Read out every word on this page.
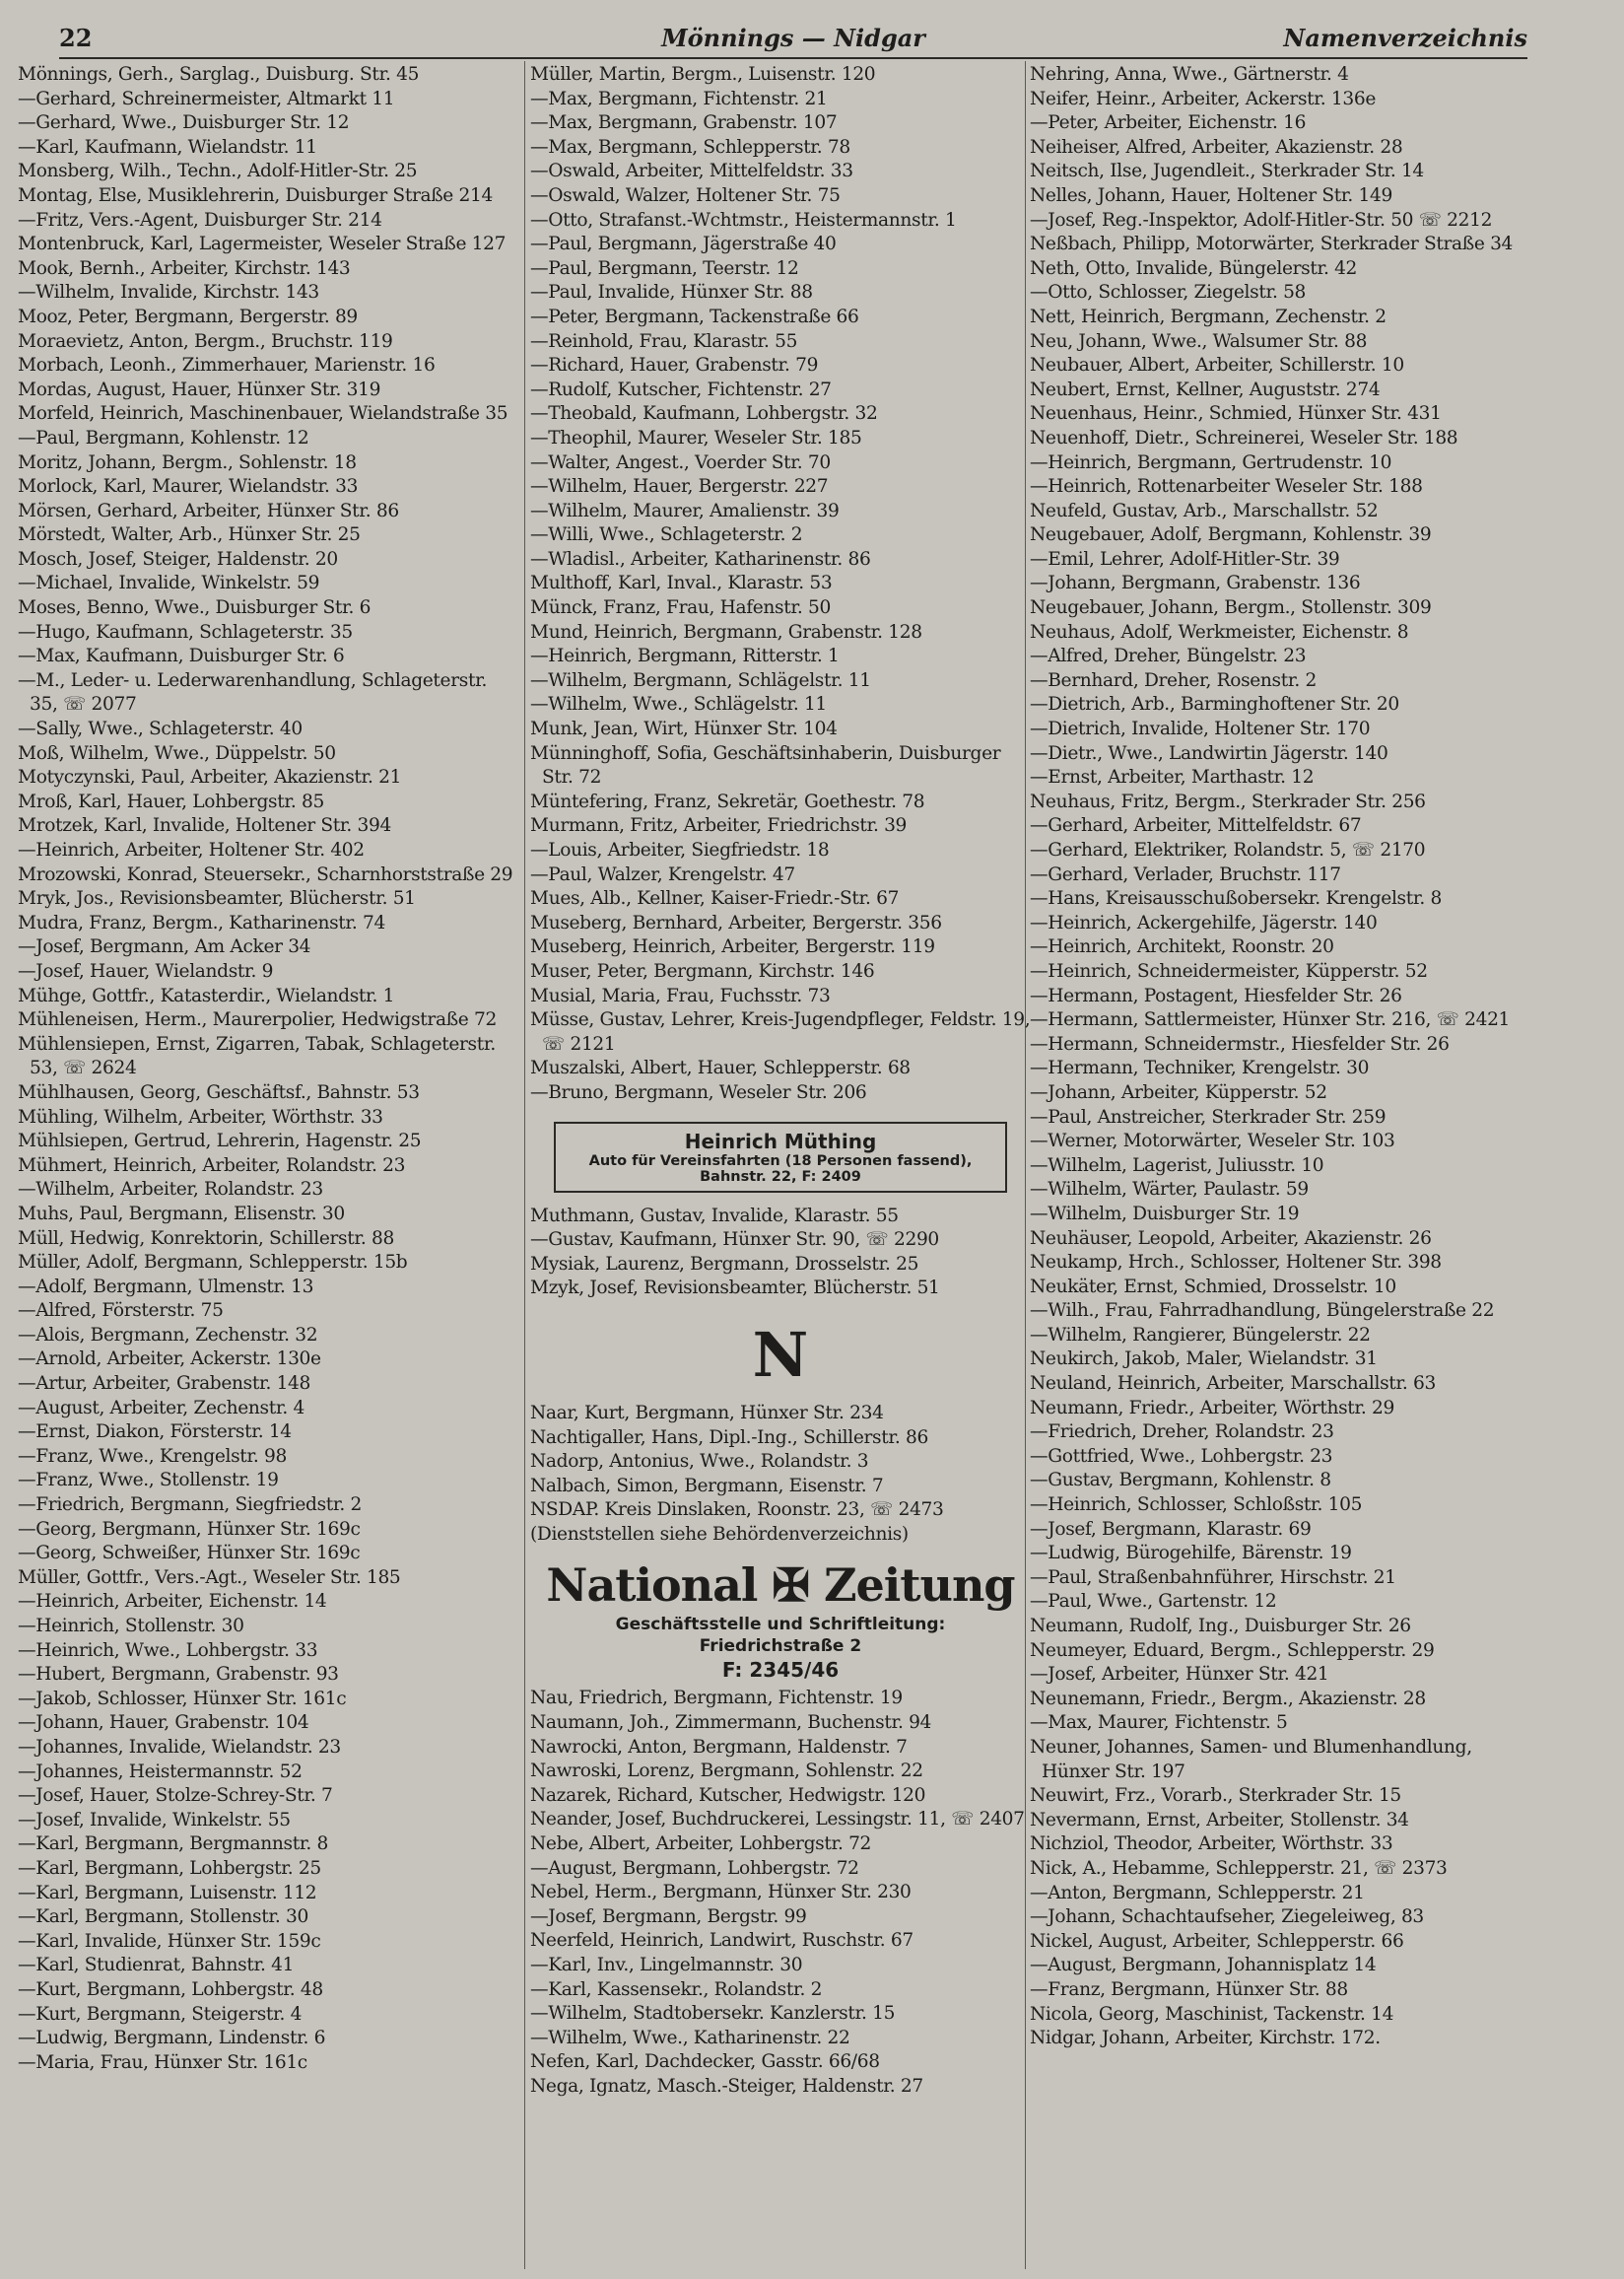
22	Mönnings — Nidgar	Namenverzeichnis
Mönnings, Gerh., Sarglag., Duisburg. Str. 45
—Gerhard, Schreinermeister, Altmarkt 11
—Gerhard, Wwe., Duisburger Str. 12
—Karl, Kaufmann, Wielandstr. 11
Monsberg, Wilh., Techn., Adolf-Hitler-Str. 25
Montag, Else, Musiklehrerin, Duisburger Straße 214
—Fritz, Vers.-Agent, Duisburger Str. 214
Montenbruck, Karl, Lagermeister, Weseler Straße 127
Mook, Bernh., Arbeiter, Kirchstr. 143
—Wilhelm, Invalide, Kirchstr. 143
Mooz, Peter, Bergmann, Bergerstr. 89
Moraevietz, Anton, Bergm., Bruchstr. 119
Morbach, Leonh., Zimmerhauer, Marienstr. 16
Mordas, August, Hauer, Hünxer Str. 319
Morfeld, Heinrich, Maschinenbauer, Wielandstraße 35
—Paul, Bergmann, Kohlenstr. 12
Moritz, Johann, Bergm., Sohlenstr. 18
Morlock, Karl, Maurer, Wielandstr. 33
Mörsen, Gerhard, Arbeiter, Hünxer Str. 86
Mörstedt, Walter, Arb., Hünxer Str. 25
Mosch, Josef, Steiger, Haldenstr. 20
—Michael, Invalide, Winkelstr. 59
Moses, Benno, Wwe., Duisburger Str. 6
—Hugo, Kaufmann, Schlageterstr. 35
—Max, Kaufmann, Duisburger Str. 6
—M., Leder- u. Lederwarenhandlung, Schlageterstr. 35, ☏ 2077
—Sally, Wwe., Schlageterstr. 40
Moß, Wilhelm, Wwe., Düppelstr. 50
Motyczynski, Paul, Arbeiter, Akazienstr. 21
Mroß, Karl, Hauer, Lohbergstr. 85
Mrotzek, Karl, Invalide, Holtener Str. 394
—Heinrich, Arbeiter, Holtener Str. 402
Mrozowski, Konrad, Steuersekr., Scharnhorststraße 29
Mryk, Jos., Revisionsbeamter, Blücherstr. 51
Mudra, Franz, Bergm., Katharinenstr. 74
—Josef, Bergmann, Am Acker 34
—Josef, Hauer, Wielandstr. 9
Mühge, Gottfr., Katasterdir., Wielandstr. 1
Mühleneisen, Herm., Maurerpolier, Hedwigstraße 72
Mühlensiepen, Ernst, Zigarren, Tabak, Schlageterstr. 53, ☏ 2624
Mühlhausen, Georg, Geschäftsf., Bahnstr. 53
Mühling, Wilhelm, Arbeiter, Wörthstr. 33
Mühlsiepen, Gertrud, Lehrerin, Hagenstr. 25
Mühmert, Heinrich, Arbeiter, Rolandstr. 23
—Wilhelm, Arbeiter, Rolandstr. 23
Muhs, Paul, Bergmann, Elisenstr. 30
Müll, Hedwig, Konrektorin, Schillerstr. 88
Müller, Adolf, Bergmann, Schlepperstr. 15b
—Adolf, Bergmann, Ulmenstr. 13
—Alfred, Försterstr. 75
—Alois, Bergmann, Zechenstr. 32
—Arnold, Arbeiter, Ackerstr. 130e
—Artur, Arbeiter, Grabenstr. 148
—August, Arbeiter, Zechenstr. 4
—Ernst, Diakon, Försterstr. 14
—Franz, Wwe., Krengelstr. 98
—Franz, Wwe., Stollenstr. 19
—Friedrich, Bergmann, Siegfriedstr. 2
—Georg, Bergmann, Hünxer Str. 169c
—Georg, Schweißer, Hünxer Str. 169c
Müller, Gottfr., Vers.-Agt., Weseler Str. 185
—Heinrich, Arbeiter, Eichenstr. 14
—Heinrich, Stollenstr. 30
—Heinrich, Wwe., Lohbergstr. 33
—Hubert, Bergmann, Grabenstr. 93
—Jakob, Schlosser, Hünxer Str. 161c
—Johann, Hauer, Grabenstr. 104
—Johannes, Invalide, Wielandstr. 23
—Johannes, Heistermannstr. 52
—Josef, Hauer, Stolze-Schrey-Str. 7
—Josef, Invalide, Winkelstr. 55
—Karl, Bergmann, Bergmannstr. 8
—Karl, Bergmann, Lohbergstr. 25
—Karl, Bergmann, Luisenstr. 112
—Karl, Bergmann, Stollenstr. 30
—Karl, Invalide, Hünxer Str. 159c
—Karl, Studienrat, Bahnstr. 41
—Kurt, Bergmann, Lohbergstr. 48
—Kurt, Bergmann, Steigerstr. 4
—Ludwig, Bergmann, Lindenstr. 6
—Maria, Frau, Hünxer Str. 161c
Müller, Martin, Bergm., Luisenstr. 120
—Max, Bergmann, Fichtenstr. 21
—Max, Bergmann, Grabenstr. 107
—Max, Bergmann, Schlepperstr. 78
—Oswald, Arbeiter, Mittelfeldstr. 33
—Oswald, Walzer, Holtener Str. 75
—Otto, Strafanst.-Wchtmstr., Heistermannstr. 1
—Paul, Bergmann, Jägerstraße 40
—Paul, Bergmann, Teerstr. 12
—Paul, Invalide, Hünxer Str. 88
—Peter, Bergmann, Tackenstraße 66
—Reinhold, Frau, Klarastr. 55
—Richard, Hauer, Grabenstr. 79
—Rudolf, Kutscher, Fichtenstr. 27
—Theobald, Kaufmann, Lohbergstr. 32
—Theophil, Maurer, Weseler Str. 185
—Walter, Angest., Voerder Str. 70
—Wilhelm, Hauer, Bergerstr. 227
—Wilhelm, Maurer, Amalienstr. 39
—Willi, Wwe., Schlageterstr. 2
—Wladisl., Arbeiter, Katharinenstr. 86
Multhoff, Karl, Inval., Klarastr. 53
Münck, Franz, Frau, Hafenstr. 50
Mund, Heinrich, Bergmann, Grabenstr. 128
—Heinrich, Bergmann, Ritterstr. 1
—Wilhelm, Bergmann, Schlägelstr. 11
—Wilhelm, Wwe., Schlägelstr. 11
Munk, Jean, Wirt, Hünxer Str. 104
Münninghoff, Sofia, Geschäftsinhaberin, Duisburger Str. 72
Müntefering, Franz, Sekretär, Goethestr. 78
Murmann, Fritz, Arbeiter, Friedrichstr. 39
—Louis, Arbeiter, Siegfriedstr. 18
—Paul, Walzer, Krengelstr. 47
Mues, Alb., Kellner, Kaiser-Friedr.-Str. 67
Museberg, Bernhard, Arbeiter, Bergerstr. 356
Museberg, Heinrich, Arbeiter, Bergerstr. 119
Muser, Peter, Bergmann, Kirchstr. 146
Musial, Maria, Frau, Fuchsstr. 73
Müsse, Gustav, Lehrer, Kreis-Jugendpfleger, Feldstr. 19, ☏ 2121
Muszalski, Albert, Hauer, Schlepperstr. 68
—Bruno, Bergmann, Weseler Str. 206
Heinrich Müthing
Auto für Vereinsfahrten (18 Personen fassend),
Bahnstr. 22, F: 2409
Muthmann, Gustav, Invalide, Klarastr. 55
—Gustav, Kaufmann, Hünxer Str. 90, ☏ 2290
Mysiak, Laurenz, Bergmann, Drosselstr. 25
Mzyk, Josef, Revisionsbeamter, Blücherstr. 51
N
Naar, Kurt, Bergmann, Hünxer Str. 234
Nachtigaller, Hans, Dipl.-Ing., Schillerstr. 86
Nadorp, Antonius, Wwe., Rolandstr. 3
Nalbach, Simon, Bergmann, Eisenstr. 7
NSDAP. Kreis Dinslaken, Roonstr. 23, ☏ 2473
(Dienststellen siehe Behördenverzeichnis)
National ✠ Zeitung
Geschäftsstelle und Schriftleitung:
Friedrichstraße 2
F: 2345/46
Nau, Friedrich, Bergmann, Fichtenstr. 19
Naumann, Joh., Zimmermann, Buchenstr. 94
Nawrocki, Anton, Bergmann, Haldenstr. 7
Nawroski, Lorenz, Bergmann, Sohlenstr. 22
Nazarek, Richard, Kutscher, Hedwigstr. 120
Neander, Josef, Buchdruckerei, Lessingstr. 11, ☏ 2407
Nebe, Albert, Arbeiter, Lohbergstr. 72
—August, Bergmann, Lohbergstr. 72
Nebel, Herm., Bergmann, Hünxer Str. 230
—Josef, Bergmann, Bergstr. 99
Neerfeld, Heinrich, Landwirt, Ruschstr. 67
—Karl, Inv., Lingelmannstr. 30
—Karl, Kassensekr., Rolandstr. 2
—Wilhelm, Stadtobersekr. Kanzlerstr. 15
—Wilhelm, Wwe., Katharinenstr. 22
Nefen, Karl, Dachdecker, Gasstr. 66/68
Nega, Ignatz, Masch.-Steiger, Haldenstr. 27
Nehring, Anna, Wwe., Gärtnerstr. 4
Neifer, Heinr., Arbeiter, Ackerstr. 136e
—Peter, Arbeiter, Eichenstr. 16
Neiheiser, Alfred, Arbeiter, Akazienstr. 28
Neitsch, Ilse, Jugendleit., Sterkrader Str. 14
Nelles, Johann, Hauer, Holtener Str. 149
—Josef, Reg.-Inspektor, Adolf-Hitler-Str. 50 ☏ 2212
Neßbach, Philipp, Motorwärter, Sterkrader Straße 34
Neth, Otto, Invalide, Büngelerstr. 42
—Otto, Schlosser, Ziegelstr. 58
Nett, Heinrich, Bergmann, Zechenstr. 2
Neu, Johann, Wwe., Walsumer Str. 88
Neubauer, Albert, Arbeiter, Schillerstr. 10
Neubert, Ernst, Kellner, Auguststr. 274
Neuenhaus, Heinr., Schmied, Hünxer Str. 431
Neuenhoff, Dietr., Schreinerei, Weseler Str. 188
—Heinrich, Bergmann, Gertrudenstr. 10
—Heinrich, Rottenarbeiter Weseler Str. 188
Neufeld, Gustav, Arb., Marschallstr. 52
Neugebauer, Adolf, Bergmann, Kohlenstr. 39
—Emil, Lehrer, Adolf-Hitler-Str. 39
—Johann, Bergmann, Grabenstr. 136
Neugebauer, Johann, Bergm., Stollenstr. 309
Neuhaus, Adolf, Werkmeister, Eichenstr. 8
—Alfred, Dreher, Büngelstr. 23
—Bernhard, Dreher, Rosenstr. 2
—Dietrich, Arb., Barminghoftener Str. 20
—Dietrich, Invalide, Holtener Str. 170
—Dietr., Wwe., Landwirtin Jägerstr. 140
—Ernst, Arbeiter, Marthastr. 12
Neuhaus, Fritz, Bergm., Sterkrader Str. 256
—Gerhard, Arbeiter, Mittelfeldstr. 67
—Gerhard, Elektriker, Rolandstr. 5, ☏ 2170
—Gerhard, Verlader, Bruchstr. 117
—Hans, Kreisausschußobersekr. Krengelstr. 8
—Heinrich, Ackergehilfe, Jägerstr. 140
—Heinrich, Architekt, Roonstr. 20
—Heinrich, Schneidermeister, Küpperstr. 52
—Hermann, Postagent, Hiesfelder Str. 26
—Hermann, Sattlermeister, Hünxer Str. 216, ☏ 2421
—Hermann, Schneidermstr., Hiesfelder Str. 26
—Hermann, Techniker, Krengelstr. 30
—Johann, Arbeiter, Küpperstr. 52
—Paul, Anstreicher, Sterkrader Str. 259
—Werner, Motorwärter, Weseler Str. 103
—Wilhelm, Lagerist, Juliusstr. 10
—Wilhelm, Wärter, Paulastr. 59
—Wilhelm, Duisburger Str. 19
Neuhäuser, Leopold, Arbeiter, Akazienstr. 26
Neukamp, Hrch., Schlosser, Holtener Str. 398
Neukäter, Ernst, Schmied, Drosselstr. 10
—Wilh., Frau, Fahrradhandlung, Büngelerstraße 22
—Wilhelm, Rangierer, Büngelerstr. 22
Neukirch, Jakob, Maler, Wielandstr. 31
Neuland, Heinrich, Arbeiter, Marschallstr. 63
Neumann, Friedr., Arbeiter, Wörthstr. 29
—Friedrich, Dreher, Rolandstr. 23
—Gottfried, Wwe., Lohbergstr. 23
—Gustav, Bergmann, Kohlenstr. 8
—Heinrich, Schlosser, Schloßstr. 105
—Josef, Bergmann, Klarastr. 69
—Ludwig, Bürogehilfe, Bärenstr. 19
—Paul, Straßenbahnführer, Hirschstr. 21
—Paul, Wwe., Gartenstr. 12
Neumann, Rudolf, Ing., Duisburger Str. 26
Neumeyer, Eduard, Bergm., Schlepperstr. 29
—Josef, Arbeiter, Hünxer Str. 421
Neunemann, Friedr., Bergm., Akazienstr. 28
—Max, Maurer, Fichtenstr. 5
Neuner, Johannes, Samen- und Blumenhandlung, Hünxer Str. 197
Neuwirt, Frz., Vorarb., Sterkrader Str. 15
Nevermann, Ernst, Arbeiter, Stollenstr. 34
Nichziol, Theodor, Arbeiter, Wörthstr. 33
Nick, A., Hebamme, Schlepperstr. 21, ☏ 2373
—Anton, Bergmann, Schlepperstr. 21
—Johann, Schachtaufseher, Ziegeleiweg, 83
Nickel, August, Arbeiter, Schlepperstr. 66
—August, Bergmann, Johannisplatz 14
—Franz, Bergmann, Hünxer Str. 88
Nicola, Georg, Maschinist, Tackenstr. 14
Nidgar, Johann, Arbeiter, Kirchstr. 172.
